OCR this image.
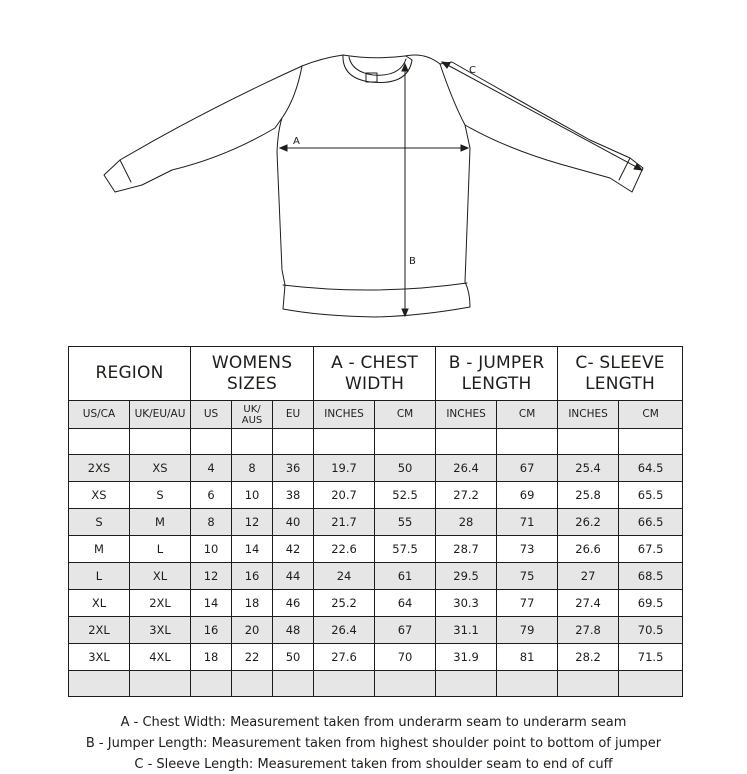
A
B
C
REGION		WOMENS SIZES			A - CHEST WIDTH		B - JUMPER LENGTH		C- SLEEVE LENGTH	
US/CA	UK/EU/AU	US	UK/ AUS	EU	INCHES	CM	INCHES	CM	INCHES	CM

2XS	XS	4	8	36	19.7	50	26.4	67	25.4	64.5
XS	S	6	10	38	20.7	52.5	27.2	69	25.8	65.5
S	M	8	12	40	21.7	55	28	71	26.2	66.5
M	L	10	14	42	22.6	57.5	28.7	73	26.6	67.5
L	XL	12	16	44	24	61	29.5	75	27	68.5
XL	2XL	14	18	46	25.2	64	30.3	77	27.4	69.5
2XL	3XL	16	20	48	26.4	67	31.1	79	27.8	70.5
3XL	4XL	18	22	50	27.6	70	31.9	81	28.2	71.5

A - Chest Width: Measurement taken from underarm seam to underarm seam

B - Jumper Length: Measurement taken from highest shoulder point to bottom of jumper

C - Sleeve Length: Measurement taken from shoulder seam to end of cuff
